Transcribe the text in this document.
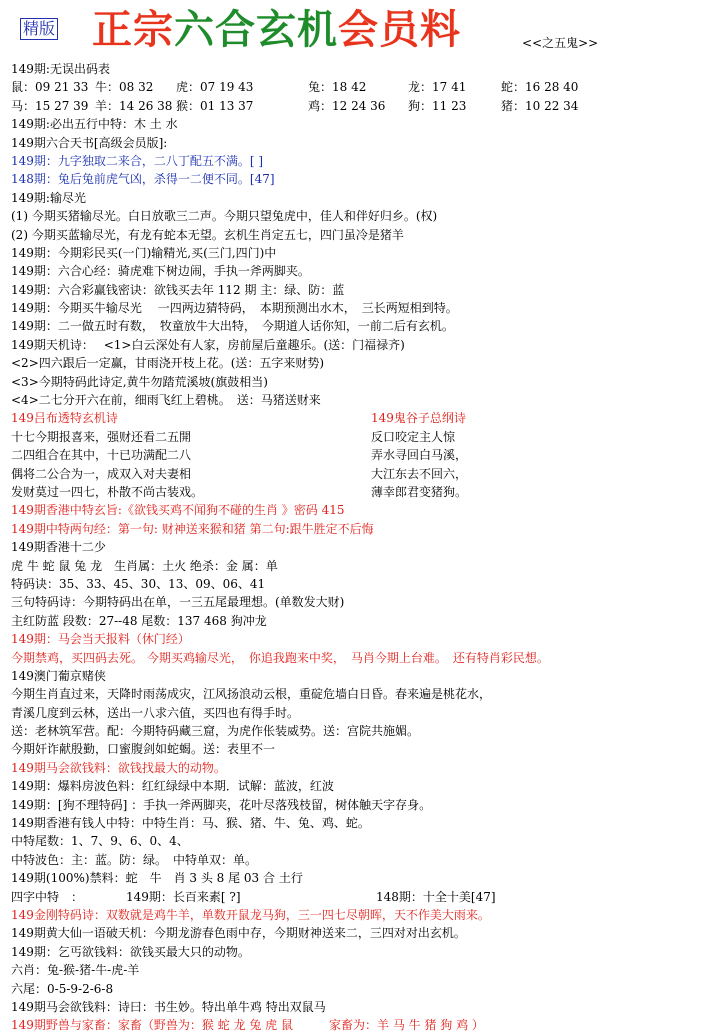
精版 正宗六合玄机会员料	<<之五鬼>>
149期:无误出码表
鼠：09 21 33 牛：08 32 虎：07 19 43	兔：18 42	龙：17 41	蛇：16 28 40
马：15 27 39 羊：14 26 38 猴：01 13 37	鸡：12 24 36 狗：11 23	猪：10 22 34
149期:必出五行中特：木 土 水
149期六合天书[高级会员版]:
149期：九字独取二来合，二八丁配五不满。[ ]
148期：兔后兔前虎气凶，杀得一二便不同。[47]
149期:输尽光
(1) 今期买猪输尽光。白日放歌三二声。今期只望兔虎中，佳人和伴好归乡。(权)
(2) 今期买蓝输尽光，有龙有蛇本无望。玄机生肖定五七，四门虽冷是猪羊
149期：今期彩民买(一门)输精光,买(三门,四门)中
149期：六合心经：骑虎难下树边闹，手执一斧两脚夹。
149期：六合彩赢钱密诀：欲钱买去年 112 期 主：绿、防：蓝
149期：今期买牛输尽光　 一四两边猜特码，　本期预测出水木，　三长两短相到特。
149期：二一做五时有数，　牧童放牛大出特，　今期道人话你知，一前二后有玄机。
149期天机诗：　 <1>白云深处有人家，房前屋后童趣乐。(送：门福禄齐)
<2>四六跟后一定赢，甘雨浇开枝上花。(送：五字来财势)
<3>今期特码此诗定,黄牛勿踏荒溪坡(旗鼓相当)
<4>二七分开六在前，细雨飞红上碧桃。　送：马猪送财来
149吕布透特玄机诗	149鬼谷子总纲诗
十七今期报喜来，强财还看二五開	反口咬定主人惊
二四组合在其中，十已功满配二八	弄水寻回白马溪，
偶将二公合为一，成双入对夫妻相	大江东去不回六，
发财莫过一四七，朴散不尚古装戏。	薄幸郎君变猪狗。
149期香港中特玄旨:《欲钱买鸡不闻狗不碰的生肖 》密码 415
149期中特两句经：第一句: 财神送来猴和猪 第二句:跟牛胜定不后悔
149期香港十二少
虎 牛 蛇 鼠 兔 龙　生肖属：土火 绝杀：金 属：单
特码诀：35、33、45、30、13、09、06、41
三句特码诗：今期特码出在单，一三五尾最理想。(单数发大财)
主红防蓝 段数：27--48 尾数：137 468 狗冲龙
149期：马会当天报料（休门经）
今期禁鸡，买四码去死。 今期买鸡输尽光，　你追我跑来中奖，　马肖今期上台难。　还有特肖彩民想。
149澳门葡京赌侠
今期生肖直过来，天降时雨荡成灾，江风扬浪动云根，重碇危墙白日昏。春来遍是桃花水，
青溪几度到云林，送出一八求六值，买四也有得手时。
送：老林筑军营。配：今期特码藏三窟，为虎作伥装威势。送：宫院共施媚。
今期奸诈献殷勤，口蜜腹剑如蛇蝎。送：表里不一
149期马会欲钱料：欲钱找最大的动物。
149期：爆料房波色料：红红绿绿中本期．试解：蓝波，红波
149期：[狗不理特码] ：手执一斧两脚夹，花叶尽落残枝留，树体触天字存身。
149期香港有钱人中特：中特生肖：马、猴、猪、牛、兔、鸡、蛇。
中特尾数：1、7、9、6、0、4、
中特波色：主：蓝。防：绿。　中特单双：单。
149期(100%)禁料：蛇　牛　肖 3 头 8 尾 03 合 土行
四字中特　：	149期：长百来素[ ?]	148期：十全十美[47]
149金刚特码诗：双数就是鸡牛羊，单数开鼠龙马狗，三一四七尽朝晖，天不作美大雨来。
149期黄大仙一语破天机：今期龙游春色雨中存，今期财神送来二，三四对对出玄机。
149期：乞丐欲钱料：欲钱买最大只的动物。
六肖：兔-猴-猪-牛-虎-羊
六尾：0-5-9-2-6-8
149期马会欲钱料：诗曰：书生妙。特出单牛鸡 特出双鼠马
149期野兽与家畜：家畜（野兽为：猴 蛇 龙 兔 虎 鼠　　　	家畜为：羊 马 牛 猪 狗 鸡 ）
